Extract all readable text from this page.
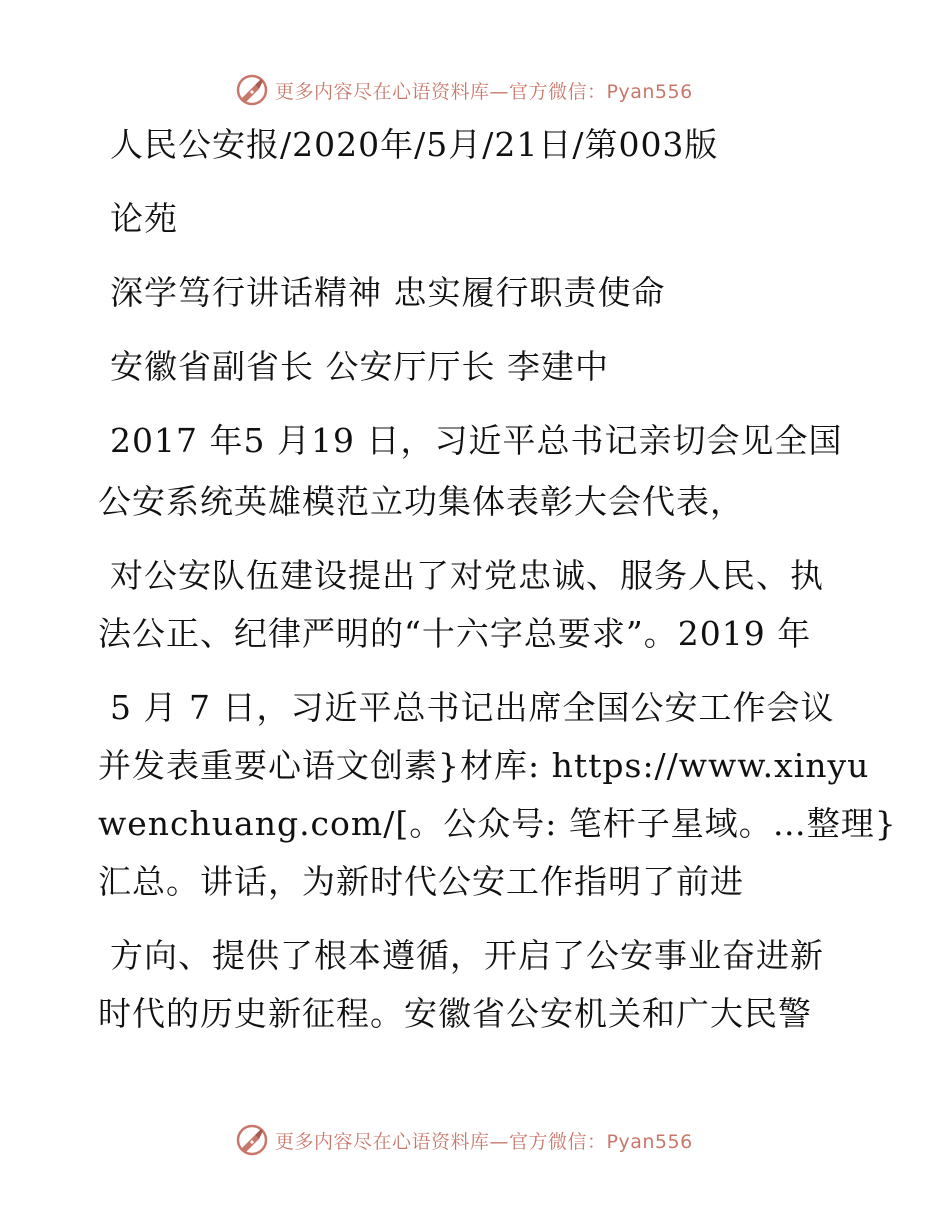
更多内容尽在心语资料库—官方微信：Pyan556
人民公安报/2020年/5月/21日/第003版
论苑
深学笃行讲话精神 忠实履行职责使命
安徽省副省长 公安厅厅长 李建中
2017 年5 月19 日，习近平总书记亲切会见全国
公安系统英雄模范立功集体表彰大会代表，
对公安队伍建设提出了对党忠诚、服务人民、执
法公正、纪律严明的“十六字总要求”。2019 年
5 月 7 日，习近平总书记出席全国公安工作会议
并发表重要心语文创素}材库: https://www.xinyu
wenchuang.com/[。公众号: 笔杆子星域。…整理}
汇总。讲话，为新时代公安工作指明了前进
方向、提供了根本遵循，开启了公安事业奋进新
时代的历史新征程。安徽省公安机关和广大民警
更多内容尽在心语资料库—官方微信：Pyan556
